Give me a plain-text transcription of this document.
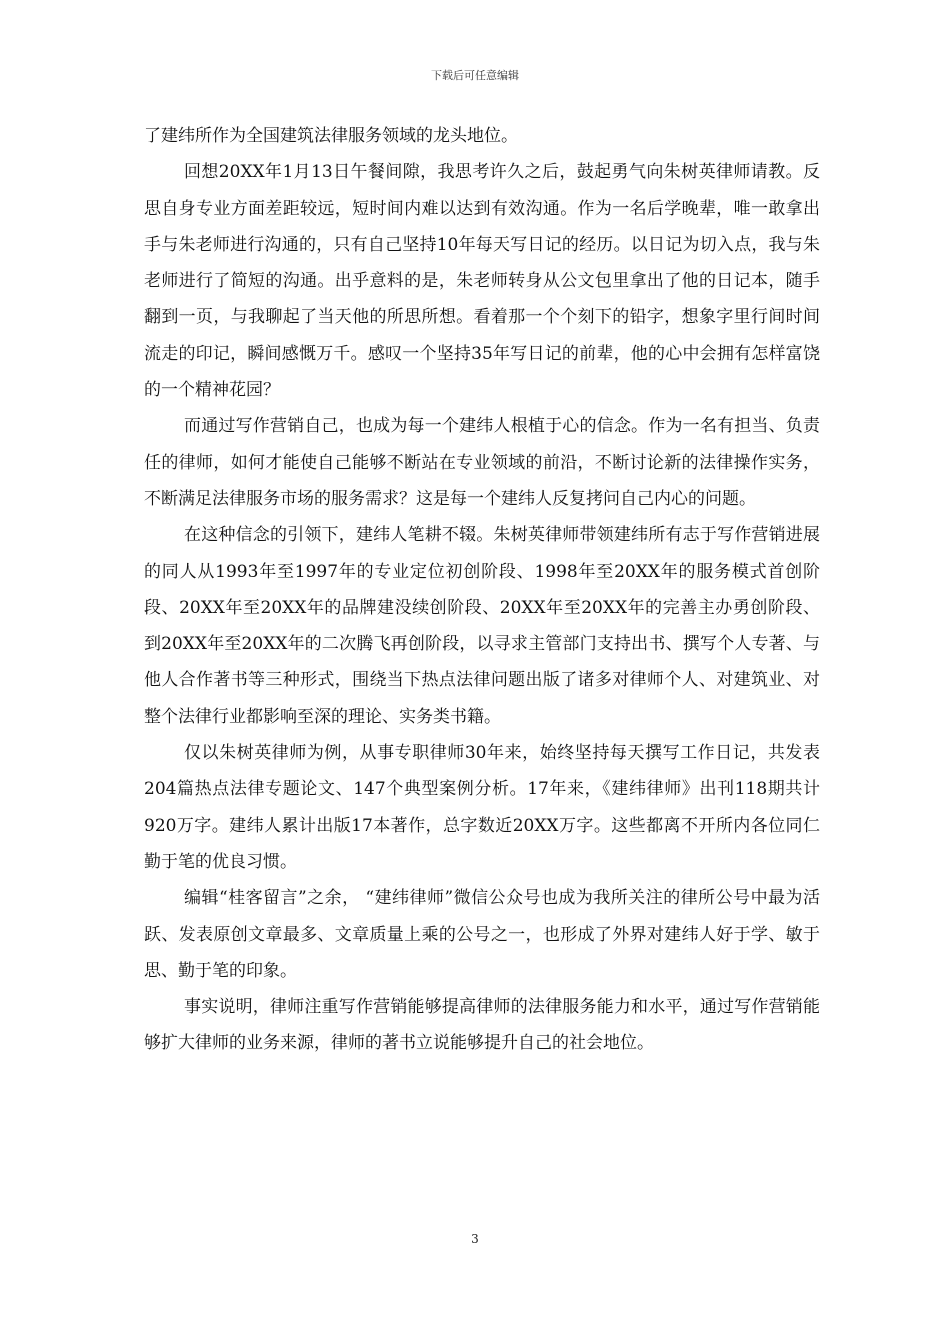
下载后可任意编辑

了建纬所作为全国建筑法律服务领域的龙头地位。

回想20XX年1月13日午餐间隙，我思考许久之后，鼓起勇气向朱树英律师请教。反思自身专业方面差距较远，短时间内难以达到有效沟通。作为一名后学晚辈，唯一敢拿出手与朱老师进行沟通的，只有自己坚持10年每天写日记的经历。以日记为切入点，我与朱老师进行了简短的沟通。出乎意料的是，朱老师转身从公文包里拿出了他的日记本，随手翻到一页，与我聊起了当天他的所思所想。看着那一个个刻下的铅字，想象字里行间时间流走的印记，瞬间感慨万千。感叹一个坚持35年写日记的前辈，他的心中会拥有怎样富饶的一个精神花园？

而通过写作营销自己，也成为每一个建纬人根植于心的信念。作为一名有担当、负责任的律师，如何才能使自己能够不断站在专业领域的前沿，不断讨论新的法律操作实务，不断满足法律服务市场的服务需求？这是每一个建纬人反复拷问自己内心的问题。

在这种信念的引领下，建纬人笔耕不辍。朱树英律师带领建纬所有志于写作营销进展的同人从1993年至1997年的专业定位初创阶段、1998年至20XX年的服务模式首创阶段、20XX年至20XX年的品牌建没续创阶段、20XX年至20XX年的完善主办勇创阶段、到20XX年至20XX年的二次腾飞再创阶段，以寻求主管部门支持出书、撰写个人专著、与他人合作著书等三种形式，围绕当下热点法律问题出版了诸多对律师个人、对建筑业、对整个法律行业都影响至深的理论、实务类书籍。

仅以朱树英律师为例，从事专职律师30年来，始终坚持每天撰写工作日记，共发表204篇热点法律专题论文、147个典型案例分析。17年来，《建纬律师》出刊118期共计920万字。建纬人累计出版17本著作，总字数近20XX万字。这些都离不开所内各位同仁勤于笔的优良习惯。

编辑“桂客留言”之余， “建纬律师”微信公众号也成为我所关注的律所公号中最为活跃、发表原创文章最多、文章质量上乘的公号之一，也形成了外界对建纬人好于学、敏于思、勤于笔的印象。

事实说明，律师注重写作营销能够提高律师的法律服务能力和水平，通过写作营销能够扩大律师的业务来源，律师的著书立说能够提升自己的社会地位。

3
